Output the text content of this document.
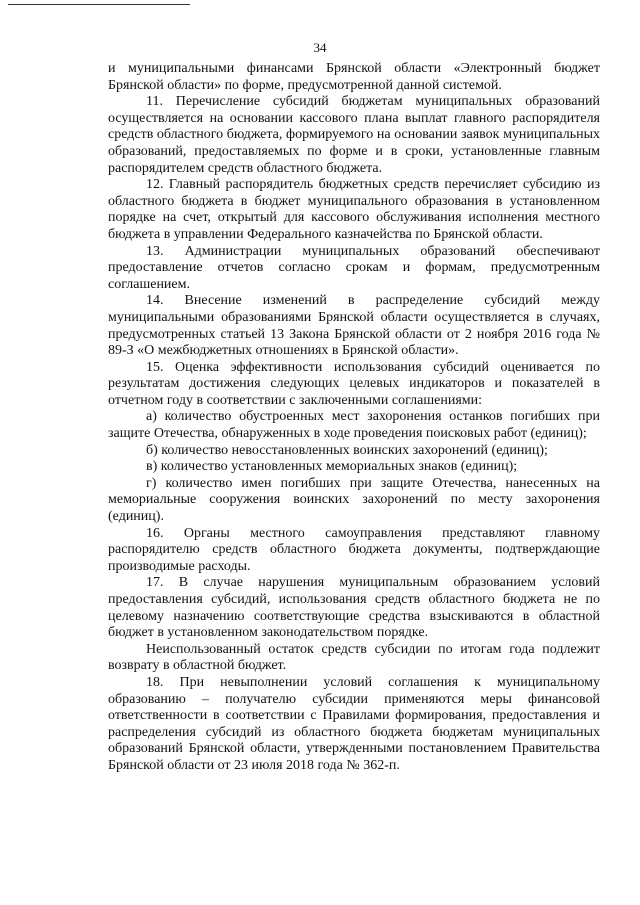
34

и муниципальными финансами Брянской области «Электронный бюджет Брянской области» по форме, предусмотренной данной системой.

11. Перечисление субсидий бюджетам муниципальных образований осуществляется на основании кассового плана выплат главного распорядителя средств областного бюджета, формируемого на основании заявок муниципальных образований, предоставляемых по форме и в сроки, установленные главным распорядителем средств областного бюджета.

12. Главный распорядитель бюджетных средств перечисляет субсидию из областного бюджета в бюджет муниципального образования в установленном порядке на счет, открытый для кассового обслуживания исполнения местного бюджета в управлении Федерального казначейства по Брянской области.

13. Администрации муниципальных образований обеспечивают предоставление отчетов согласно срокам и формам, предусмотренным соглашением.

14. Внесение изменений в распределение субсидий между муниципальными образованиями Брянской области осуществляется в случаях, предусмотренных статьей 13 Закона Брянской области от 2 ноября 2016 года № 89-З «О межбюджетных отношениях в Брянской области».

15. Оценка эффективности использования субсидий оценивается по результатам достижения следующих целевых индикаторов и показателей в отчетном году в соответствии с заключенными соглашениями:

а) количество обустроенных мест захоронения останков погибших при защите Отечества, обнаруженных в ходе проведения поисковых работ (единиц);

б) количество невосстановленных воинских захоронений (единиц);

в) количество установленных мемориальных знаков (единиц);

г) количество имен погибших при защите Отечества, нанесенных на мемориальные сооружения воинских захоронений по месту захоронения (единиц).

16. Органы местного самоуправления представляют главному распорядителю средств областного бюджета документы, подтверждающие производимые расходы.

17. В случае нарушения муниципальным образованием условий предоставления субсидий, использования средств областного бюджета не по целевому назначению соответствующие средства взыскиваются в областной бюджет в установленном законодательством порядке.

Неиспользованный остаток средств субсидии по итогам года подлежит возврату в областной бюджет.

18. При невыполнении условий соглашения к муниципальному образованию – получателю субсидии применяются меры финансовой ответственности в соответствии с Правилами формирования, предоставления и распределения субсидий из областного бюджета бюджетам муниципальных образований Брянской области, утвержденными постановлением Правительства Брянской области от 23 июля 2018 года № 362-п.
